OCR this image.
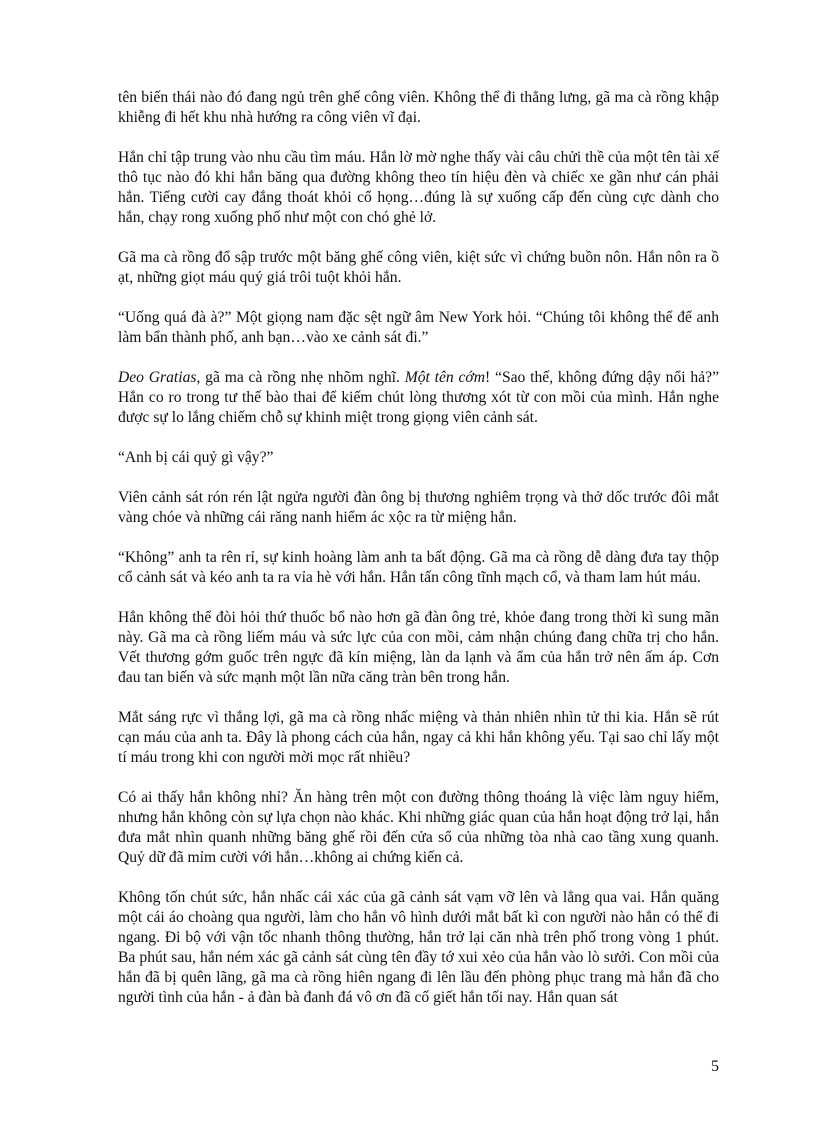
tên biến thái nào đó đang ngủ trên ghế công viên. Không thể đi thẳng lưng, gã ma cà rồng khập khiễng đi hết khu nhà hướng ra công viên vĩ đại.

Hắn chỉ tập trung vào nhu cầu tìm máu. Hắn lờ mờ nghe thấy vài câu chửi thề của một tên tài xế thô tục nào đó khi hắn băng qua đường không theo tín hiệu đèn và chiếc xe gần như cán phải hắn. Tiếng cười cay đắng thoát khỏi cổ họng…đúng là sự xuống cấp đến cùng cực dành cho hắn, chạy rong xuống phố như một con chó ghẻ lở.

Gã ma cà rồng đổ sập trước một băng ghế công viên, kiệt sức vì chứng buồn nôn. Hắn nôn ra ồ ạt, những giọt máu quý giá trôi tuột khỏi hắn.

“Uống quá đà à?” Một giọng nam đặc sệt ngữ âm New York hỏi. “Chúng tôi không thể để anh làm bẩn thành phố, anh bạn…vào xe cảnh sát đi.”

Deo Gratias, gã ma cà rồng nhẹ nhõm nghĩ. Một tên cớm! “Sao thế, không đứng dậy nổi hả?” Hắn co ro trong tư thế bào thai để kiếm chút lòng thương xót từ con mồi của mình. Hắn nghe được sự lo lắng chiếm chỗ sự khinh miệt trong giọng viên cảnh sát.

“Anh bị cái quỷ gì vậy?”

Viên cảnh sát rón rén lật ngửa người đàn ông bị thương nghiêm trọng và thở dốc trước đôi mắt vàng chóe và những cái răng nanh hiểm ác xộc ra từ miệng hắn.

“Không” anh ta rên rỉ, sự kinh hoàng làm anh ta bất động. Gã ma cà rồng dễ dàng đưa tay thộp cổ cảnh sát và kéo anh ta ra vỉa hè với hắn. Hắn tấn công tĩnh mạch cổ, và tham lam hút máu.

Hắn không thể đòi hỏi thứ thuốc bổ nào hơn gã đàn ông trẻ, khỏe đang trong thời kì sung mãn này. Gã ma cà rồng liếm máu và sức lực của con mồi, cảm nhận chúng đang chữa trị cho hắn. Vết thương gớm guốc trên ngực đã kín miệng, làn da lạnh và ẩm của hắn trở nên ấm áp. Cơn đau tan biến và sức mạnh một lần nữa căng tràn bên trong hắn.

Mắt sáng rực vì thắng lợi, gã ma cà rồng nhấc miệng và thản nhiên nhìn tử thi kia. Hắn sẽ rút cạn máu của anh ta. Đây là phong cách của hắn, ngay cả khi hắn không yếu. Tại sao chỉ lấy một tí máu trong khi con người mời mọc rất nhiều?

Có ai thấy hắn không nhỉ? Ăn hàng trên một con đường thông thoáng là việc làm nguy hiểm, nhưng hắn không còn sự lựa chọn nào khác. Khi những giác quan của hắn hoạt động trở lại, hắn đưa mắt nhìn quanh những băng ghế rồi đến cửa sổ của những tòa nhà cao tầng xung quanh. Quỷ dữ đã mỉm cười với hắn…không ai chứng kiến cả.

Không tốn chút sức, hắn nhấc cái xác của gã cảnh sát vạm vỡ lên và lẳng qua vai. Hắn quăng một cái áo choàng qua người, làm cho hắn vô hình dưới mắt bất kì con người nào hắn có thể đi ngang. Đi bộ với vận tốc nhanh thông thường, hắn trở lại căn nhà trên phố trong vòng 1 phút. Ba phút sau, hắn ném xác gã cảnh sát cùng tên đầy tớ xui xẻo của hắn vào lò sưởi. Con mồi của hắn đã bị quên lãng, gã ma cà rồng hiên ngang đi lên lầu đến phòng phục trang mà hắn đã cho người tình của hắn - ả đàn bà đanh đá vô ơn đã cố giết hắn tối nay. Hắn quan sát

5
